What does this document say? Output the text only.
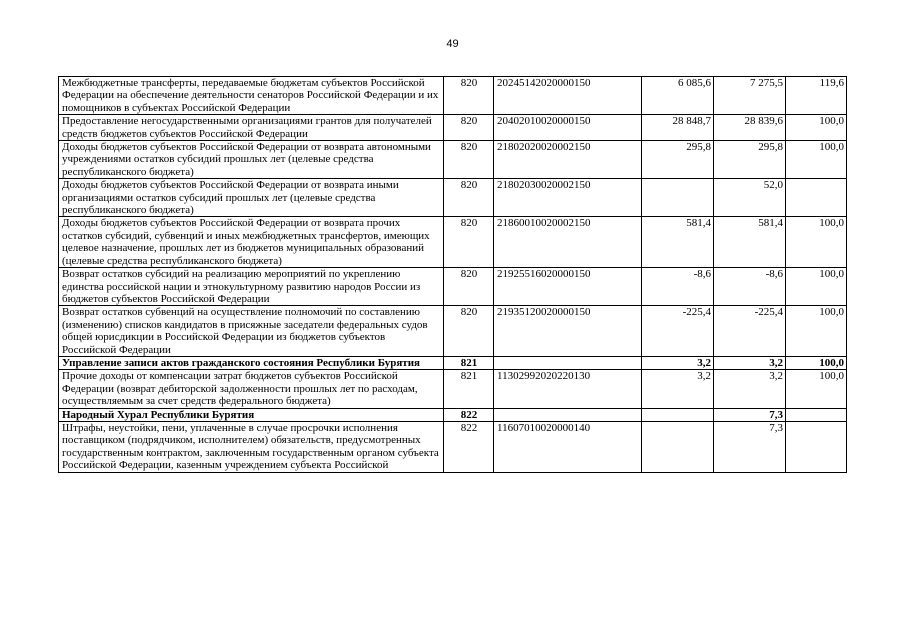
49
Межбюджетные трансферты, передаваемые бюджетам субъектов Российской Федерации на обеспечение деятельности сенаторов Российской Федерации и их помощников в субъектах Российской Федерации	820	20245142020000150	6 085,6	7 275,5	119,6
Предоставление негосударственными организациями грантов для получателей средств бюджетов субъектов Российской Федерации	820	20402010020000150	28 848,7	28 839,6	100,0
Доходы бюджетов субъектов Российской Федерации от возврата автономными учреждениями остатков субсидий прошлых лет (целевые средства республиканского бюджета)	820	21802020020002150	295,8	295,8	100,0
Доходы бюджетов субъектов Российской Федерации от возврата иными организациями остатков субсидий прошлых лет (целевые средства республиканского бюджета)	820	21802030020002150		52,0	
Доходы бюджетов субъектов Российской Федерации от возврата прочих остатков субсидий, субвенций и иных межбюджетных трансфертов, имеющих целевое назначение, прошлых лет из бюджетов муниципальных образований (целевые средства республиканского бюджета)	820	21860010020002150	581,4	581,4	100,0
Возврат остатков субсидий на реализацию мероприятий по укреплению единства российской нации и этнокультурному развитию народов России из бюджетов субъектов Российской Федерации	820	21925516020000150	-8,6	-8,6	100,0
Возврат остатков субвенций на осуществление полномочий по составлению (изменению) списков кандидатов в присяжные заседатели федеральных судов общей юрисдикции в Российской Федерации из бюджетов субъектов Российской Федерации	820	21935120020000150	-225,4	-225,4	100,0
Управление записи актов гражданского состояния Республики Бурятия	821		3,2	3,2	100,0
Прочие доходы от компенсации затрат бюджетов субъектов Российской Федерации (возврат дебиторской задолженности прошлых лет по расходам, осуществляемым за счет средств федерального бюджета)	821	11302992020220130	3,2	3,2	100,0
Народный Хурал Республики Бурятия	822			7,3	
Штрафы, неустойки, пени, уплаченные в случае просрочки исполнения поставщиком (подрядчиком, исполнителем) обязательств, предусмотренных государственным контрактом, заключенным государственным органом субъекта Российской Федерации, казенным учреждением субъекта Российской	822	11607010020000140		7,3	
